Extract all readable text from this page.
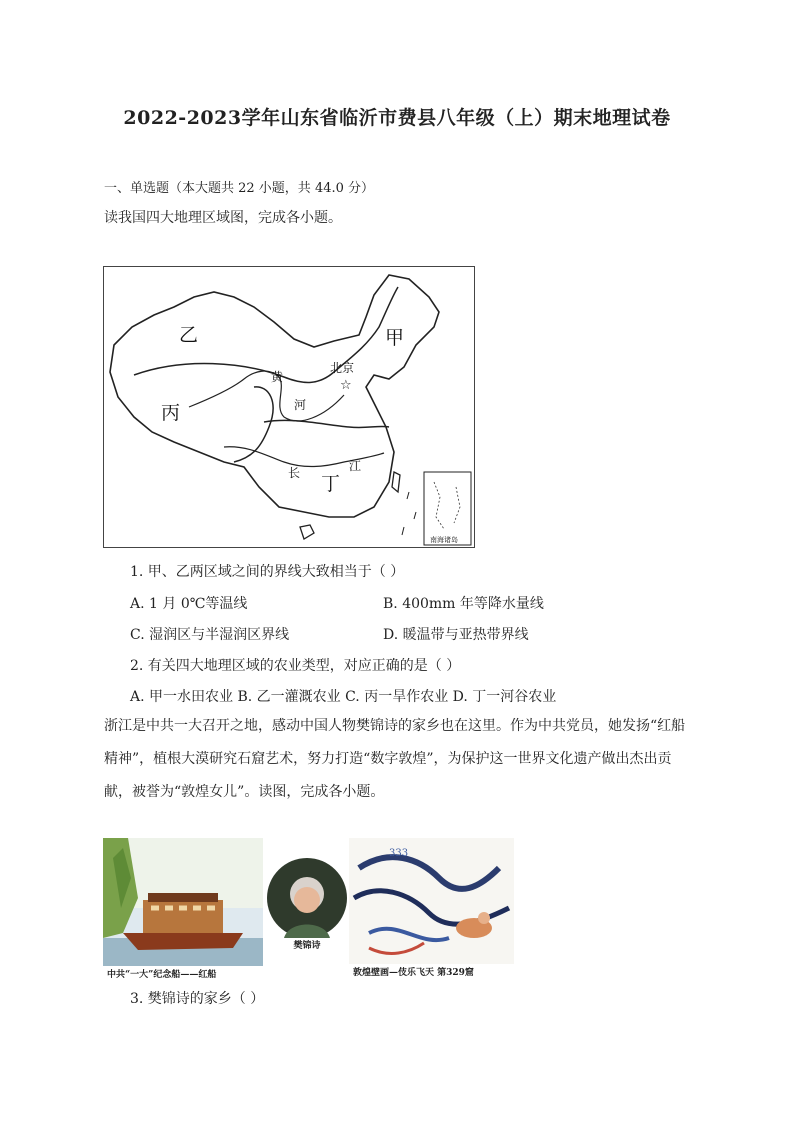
2022-2023学年山东省临沂市费县八年级（上）期末地理试卷
一、单选题（本大题共 22 小题，共 44.0 分）
读我国四大地理区域图，完成各小题。
☆
乙	甲
丙
丁
北京
黄
河
长	江
南海诸岛
1. 甲、乙两区域之间的界线大致相当于（ ）
A. 1 月 0℃等温线	B. 400mm 年等降水量线
C. 湿润区与半湿润区界线	D. 暖温带与亚热带界线
2. 有关四大地理区域的农业类型，对应正确的是（ ）
A. 甲一水田农业 B. 乙一灌溉农业 C. 丙一旱作农业 D. 丁一河谷农业
浙江是中共一大召开之地，感动中国人物樊锦诗的家乡也在这里。作为中共党员，她发扬“红船精神”，植根大漠研究石窟艺术，努力打造“数字敦煌”，为保护这一世界文化遗产做出杰出贡献，被誉为“敦煌女儿”。读图，完成各小题。
中共“一大”纪念船——红船
樊锦诗
333
敦煌壁画—伎乐飞天 第329窟
3. 樊锦诗的家乡（ ）
